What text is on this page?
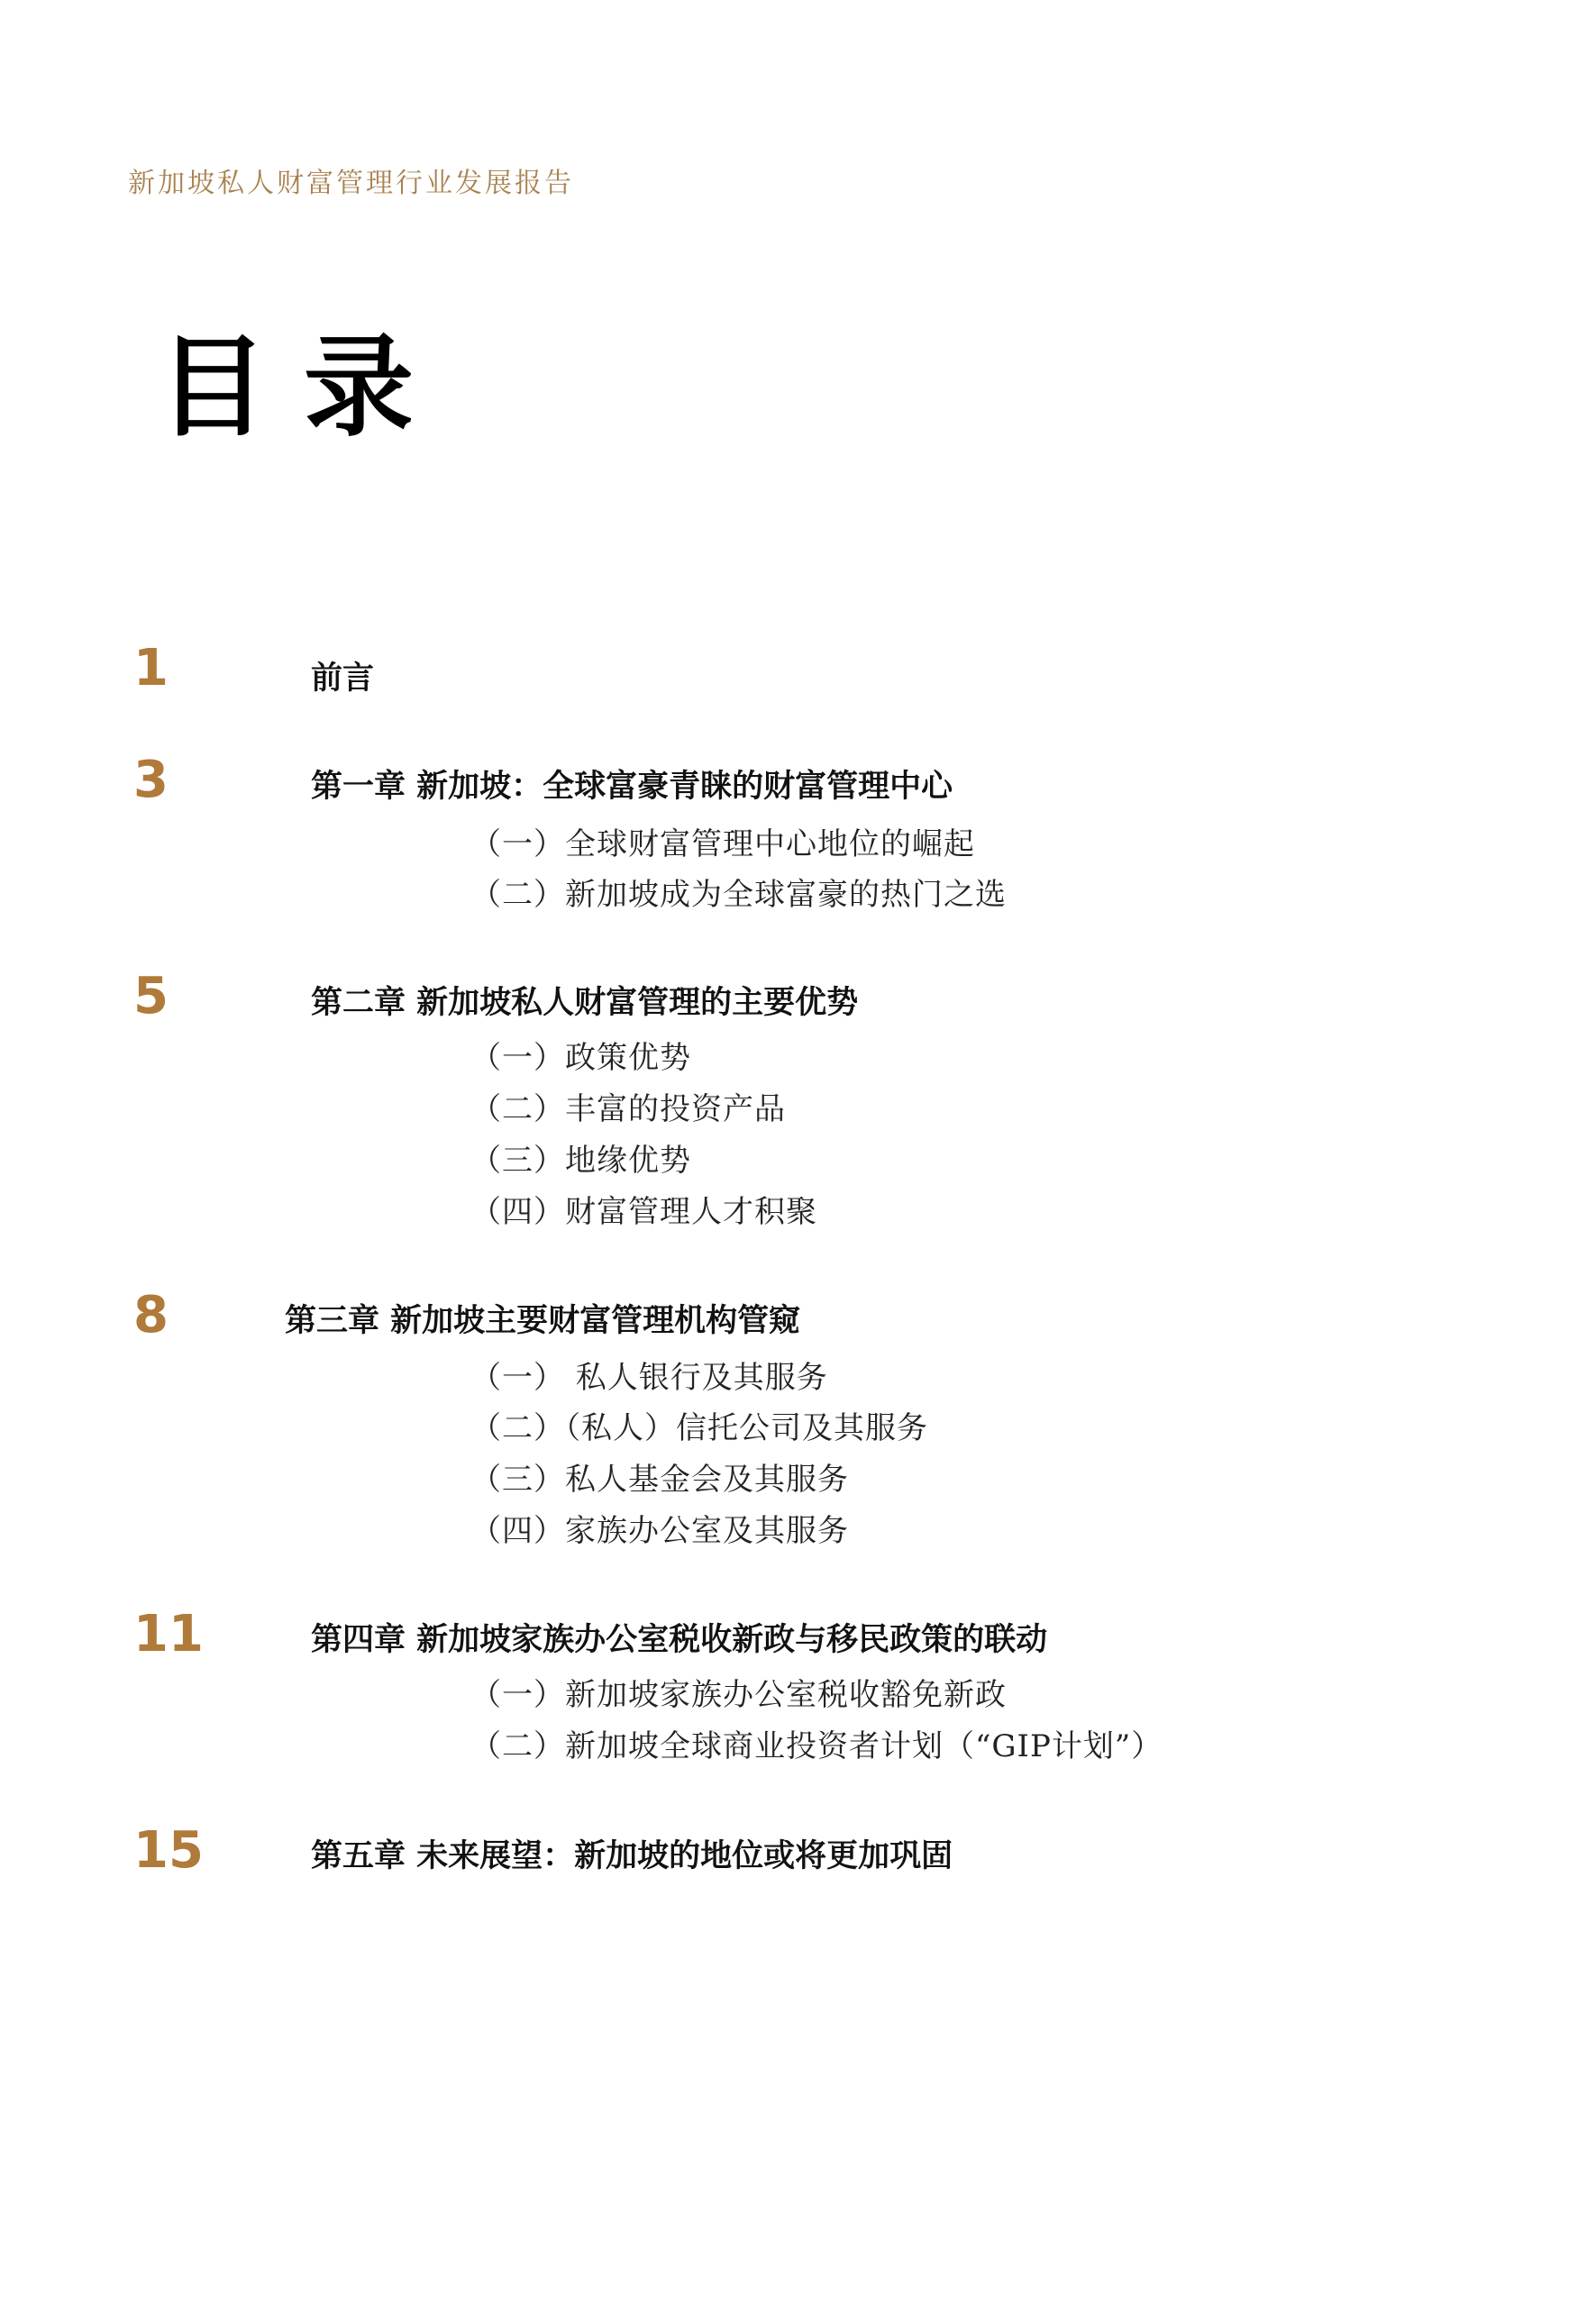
新加坡私人财富管理行业发展报告
目录
1	前言
3	第一章 新加坡：全球富豪青睐的财富管理中心
（一）全球财富管理中心地位的崛起
（二）新加坡成为全球富豪的热门之选
5	第二章 新加坡私人财富管理的主要优势
（一）政策优势
（二）丰富的投资产品
（三）地缘优势
（四）财富管理人才积聚
8	第三章 新加坡主要财富管理机构管窥
（一） 私人银行及其服务
（二）（私人）信托公司及其服务
（三）私人基金会及其服务
（四）家族办公室及其服务
11	第四章 新加坡家族办公室税收新政与移民政策的联动
（一）新加坡家族办公室税收豁免新政
（二）新加坡全球商业投资者计划（“GIP计划”）
15	第五章 未来展望：新加坡的地位或将更加巩固
